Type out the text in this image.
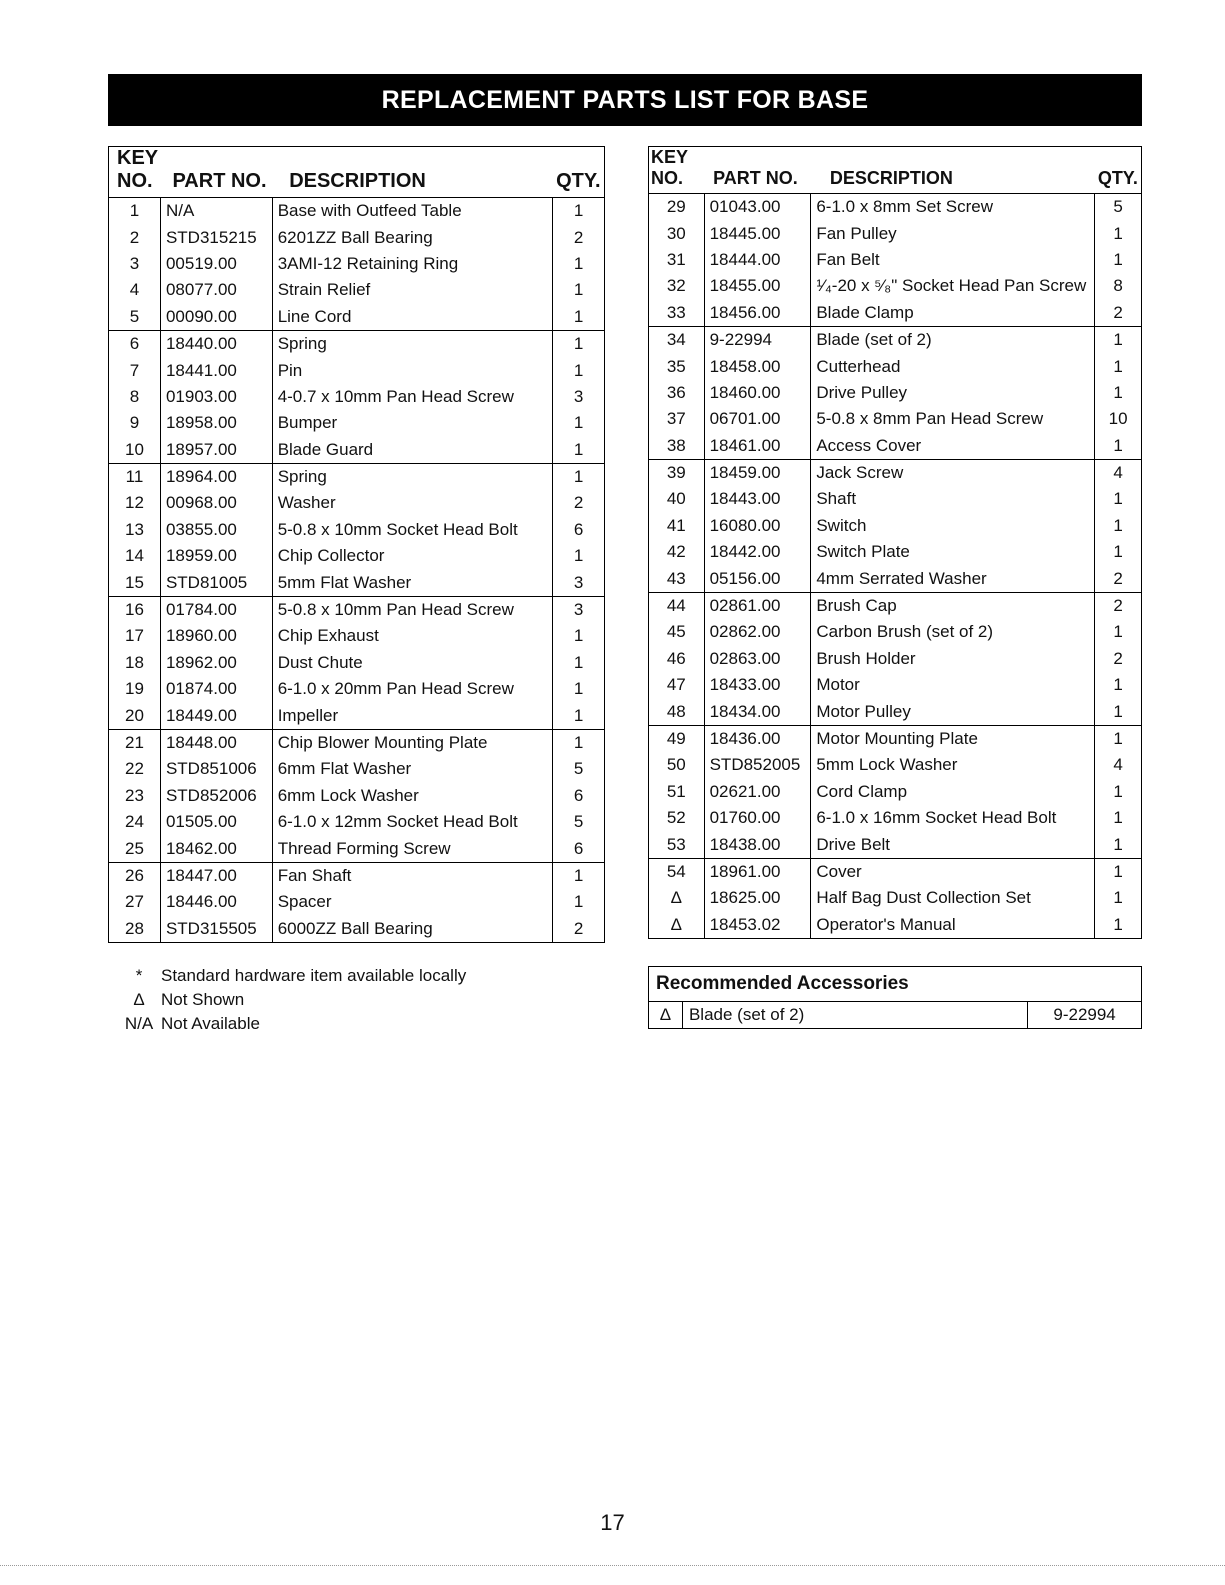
REPLACEMENT PARTS LIST FOR BASE
KEY			
NO.	PART NO.	DESCRIPTION	QTY.
1	N/A	Base with Outfeed Table	1
2	STD315215	6201ZZ Ball Bearing	2
3	00519.00	3AMI-12 Retaining Ring	1
4	08077.00	Strain Relief	1
5	00090.00	Line Cord	1
6	18440.00	Spring	1
7	18441.00	Pin	1
8	01903.00	4-0.7 x 10mm Pan Head Screw	3
9	18958.00	Bumper	1
10	18957.00	Blade Guard	1
11	18964.00	Spring	1
12	00968.00	Washer	2
13	03855.00	5-0.8 x 10mm Socket Head Bolt	6
14	18959.00	Chip Collector	1
15	STD81005	5mm Flat Washer	3
16	01784.00	5-0.8 x 10mm Pan Head Screw	3
17	18960.00	Chip Exhaust	1
18	18962.00	Dust Chute	1
19	01874.00	6-1.0 x 20mm Pan Head Screw	1
20	18449.00	Impeller	1
21	18448.00	Chip Blower Mounting Plate	1
22	STD851006	6mm Flat Washer	5
23	STD852006	6mm Lock Washer	6
24	01505.00	6-1.0 x 12mm Socket Head Bolt	5
25	18462.00	Thread Forming Screw	6
26	18447.00	Fan Shaft	1
27	18446.00	Spacer	1
28	STD315505	6000ZZ Ball Bearing	2
KEY			
NO.	PART NO.	DESCRIPTION	QTY.
29	01043.00	6-1.0 x 8mm Set Screw	5
30	18445.00	Fan Pulley	1
31	18444.00	Fan Belt	1
32	18455.00	¹⁄₄-20 x ⁵⁄₈" Socket Head Pan Screw	8
33	18456.00	Blade Clamp	2
34	9-22994	Blade (set of 2)	1
35	18458.00	Cutterhead	1
36	18460.00	Drive Pulley	1
37	06701.00	5-0.8 x 8mm Pan Head Screw	10
38	18461.00	Access Cover	1
39	18459.00	Jack Screw	4
40	18443.00	Shaft	1
41	16080.00	Switch	1
42	18442.00	Switch Plate	1
43	05156.00	4mm Serrated Washer	2
44	02861.00	Brush Cap	2
45	02862.00	Carbon Brush (set of 2)	1
46	02863.00	Brush Holder	2
47	18433.00	Motor	1
48	18434.00	Motor Pulley	1
49	18436.00	Motor Mounting Plate	1
50	STD852005	5mm Lock Washer	4
51	02621.00	Cord Clamp	1
52	01760.00	6-1.0 x 16mm Socket Head Bolt	1
53	18438.00	Drive Belt	1
54	18961.00	Cover	1
Δ	18625.00	Half Bag Dust Collection Set	1
Δ	18453.02	Operator's Manual	1
* Standard hardware item available locally
Δ Not Shown
N/A Not Available
Recommended Accessories
Δ	Blade (set of 2)	9-22994
17
